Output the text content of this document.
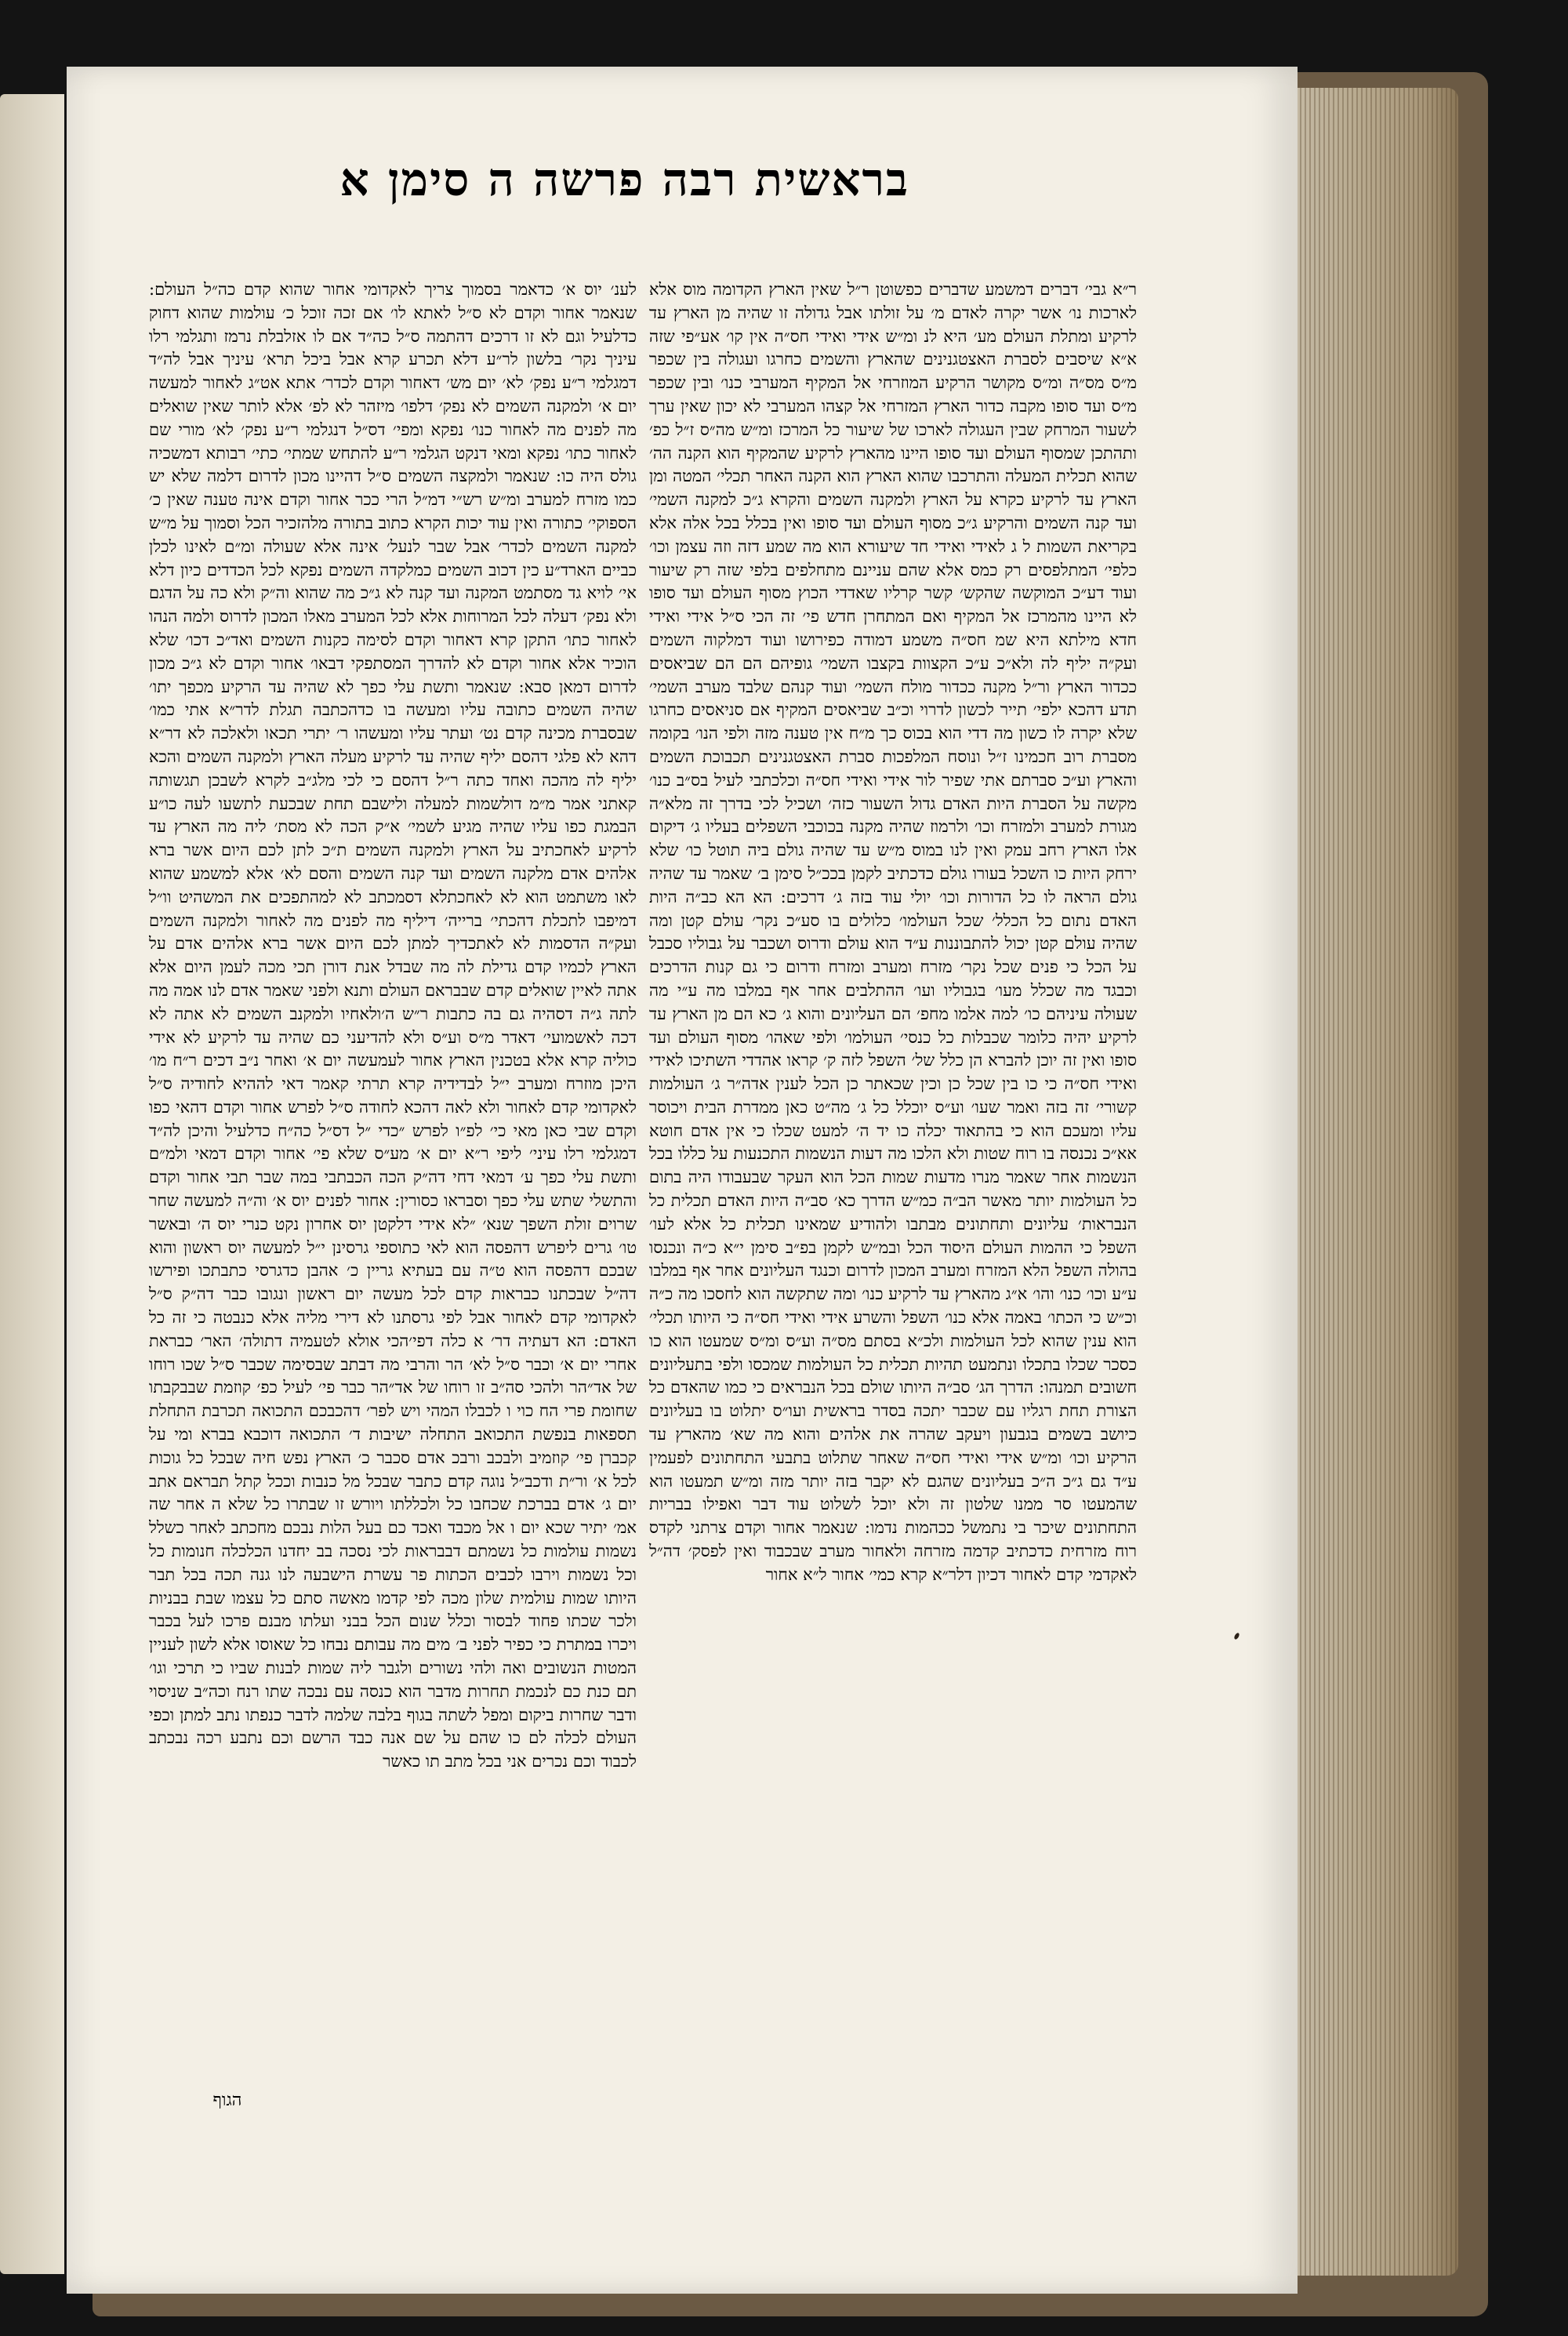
בראשית רבה פרשה ה סימן א

ר״א גבי׳ דברים דמשמע שדברים כפשוטן ר״ל שאין הארץ הקדומה מוס אלא לארכות נו׳ אשר יקרה לאדם מ׳ על זולתו אבל גדולה זו שהיה מן הארץ עד לרקיע ומתלת העולם מע׳ היא לנ ומ״ש אידי ואידי חס״ה אין קו׳ אע״פי שזה א״א שיסבים לסברת האצטגנינים שהארץ והשמים כחרגו ועגולה בין שכפר מ״ס מס״ה ומ״ס מקושר הרקיע המוזרחי אל המקיף המערבי כנו׳ ובין שכפר מ״ס ועד סופו מקבה כדור הארץ המזרחי אל קצהו המערבי לא יכון שאין ערך לשעור המרחק שבין העגולה לארכו של שיעור כל המרכז ומ״ש מה״ס ז״ל כפ׳ ותהתכן שמסוף העולם ועד סופו היינו מהארץ לרקיע שהמקיף הוא הקנה הה׳ שהוא תכלית המעלה והתרכבו שהוא הארץ הוא הקנה האחר תכלי׳ המטה ומן הארץ עד לרקיע כקרא על הארץ ולמקנה השמים והקרא ג״כ למקנה השמי׳ ועד קנה השמים והרקיע ג״כ מסוף העולם ועד סופו ואין בכלל בכל אלה אלא בקריאת השמות ל ג לאידי ואידי חד שיעורא הוא מה שמע דזה וזה עצמן וכו׳ כלפי׳ המתלפסים רק כמס אלא שהם עניינם מתחלפים בלפי שזה רק שיעור ועוד דע״כ המוקשה שהקש׳ קשר קרליו שאדדי הכוץ מסוף העולם ועד סופו לא היינו מהמרכז אל המקיף ואם המתחרן חדש פי׳ זה הכי ס״ל אידי ואידי חדא מילתא היא שמ חס״ה משמע דמודה כפירושו ועוד דמלקוה השמים ועק״ה יליף לה ולא״כ ע״כ הקצוות בקצבו השמי׳ גופיהם הם הם שביאסים ככדור הארץ ור״ל מקנה ככדור מולח השמי׳ ועוד קנהם שלבד מערב השמי׳ תדע דהכא ילפי׳ תייר לכשון לדרוי וכ״ב שביאסים המקיף אם סניאסים כחרגו שלא יקרה לו כשון מה דדי הוא בכוס כך מ״ח אין טענה מזה ולפי הנו׳ בקומה מסברת רוב חכמינו ז״ל ונוסח המלפכות סברת האצטגנינים תכבוכת השמים והארץ וע״כ סברתם אתי שפיר לור אידי ואידי חס״ה וכלכתבי לעיל בס״ב כנו׳ מקשה על הסברת היות האדם גדול השעור כזה׳ ושכיל לכי בדרך זה מלא״ה מגורת למערב ולמזרח וכו׳ ולרמוז שהיה מקנה בכוכבי השפלים בעליו ג׳ דיקום אלו הארץ רחב עמק ואין לנו במוס מ״ש עד שהיה גולם ביה תוטל כו׳ שלא ירחק היות כו השכל בעורו גולם כדכתיב לקמן בככ״ל סימן ב׳ שאמר עד שהיה גולם הראה לו כל הדורות וכו׳ יולי עוד בזה ג׳ דרכים: הא הא כב״ה היות האדם נתום כל הכלל׳ שכל העולמו׳ כלולים בו סע״כ נקר׳ עולם קטן ומה שהיה עולם קטן יכול להתבוננות ע״ד הוא עולם ודרוס ושכבר על גבוליו סכבל על הכל כי פנים שכל נקר׳ מזרח ומערב ומזרח ודרום כי גם קנות הדרכים וכבגד מה שכלל מעו׳ בגבוליו ועו׳ ההתלבים אחר אף במלבו מה ע״י מה שעולה עיניהם כו׳ למה אלמו מחפ׳ הם העליונים והוא ג׳ כא הם מן הארץ עד לרקיע יהיה כלומר שכבלות כל כנסי׳ העולמו׳ ולפי שאהו׳ מסוף העולם ועד סופו ואין זה יוכן להברא הן כלל של׳ השפל לזה ק׳ קראו אהדדי השתיכו לאידי ואידי חס״ה כי כו בין שכל כן וכין שכאתר כן הכל לענין אדה״ר ג׳ העולמות קשורי׳ זה בזה ואמר שעו׳ וע״ס יוכלל כל ג׳ מה״ט כאן ממדרת הבית ויכוסר עליו ומעכם הוא כי בהתאוד יכלה כו יד ה׳ למעט שכלו כי אין אדם חוטא אא״כ נכנסה בו רוח שטות ולא הלכו מה דעות הנשמות התכנעות על כללו בכל הנשמות אחר שאמר מנרו מדעות שמות הכל הוא העקר שבעבודו היה בתום כל העולמות יותר מאשר הב״ה כמ״ש הדרך כא׳ סב״ה היות האדם תכלית כל הנבראות׳ עליונים ותחתונים מבתבו ולהודיע שמאינו תכלית כל אלא לעו׳ השפל כי ההמות העולם היסוד הכל ובמ״ש לקמן בפ״ב סימן י״א כ״ה ונכנסו בהולה השפל הלא המזרח ומערב המכון לדרום וכנגד העליונים אחר אף במלבו ע״ע וכו׳ כנו׳ והו׳ א״ג מהארץ עד לרקיע כנו׳ ומה שתקשה הוא לחסכו מה כ״ה וכ״ש כי הכתו׳ באמה אלא כנו׳ השפל והשרע אידי ואידי חס״ה כי היותו תכלי׳ הוא ענין שהוא לכל העולמות ולכ״א בסתם מס״ה וע״ס ומ״ס שמעטו הוא כו כסכר שכלו בתכלו ונתמעט תהיות תכלית כל העולמות שמכסו ולפי בתעליונים חשובים תמנהו: הדרך הג׳ סב״ה היותו שולם בכל הנבראים כי כמו שהאדם כל הצורת תחת רגליו עם שכבר יתכה בסדר בראשית ועו״ס יתלוט בו בעליונים כיושב בשמים בגבעון ויעקב שהרה את אלהים והוא מה שא׳ מהארץ עד הרקיע וכו׳ ומ״ש אידי ואידי חס״ה שאחר שתלוט בתבעי התחתונים לפעמין ע״ד גם ג״כ ה״כ בעליונים שהגם לא יקבר בזה יותר מזה ומ״ש תמעטו הוא שהמעטו סר ממנו שלטון זה ולא יוכל לשלוט עוד דבר ואפילו בבריות התחתונים שיכר בי נתמשל ככהמות נדמו: שנאמר אחור וקדם צרתני לקדס רוח מזרחית כדכתיב קדמה מזרחה ולאחור מערב שבכבוד ואין לפסק׳ דה״ל לאקדמי קדם לאחור דכיון דלר״א קרא כמי׳ אחור ל״א אחור

לענ׳ יוס א׳ כדאמר בסמוך צריך לאקדומי אחור שהוא קדם כה״ל העולם: שנאמר אחור וקדם לא ס״ל לאתא לו׳ אם זכה זוכל כ׳ עולמות שהוא דחוק כדלעיל וגם לא זו דרכים דהתמה ס״ל כה״ד אם לו אזלבלת נרמז ותגלמי רלו עיניך נקר׳ בלשון לר״ע דלא תכרע קרא אבל ביכל תרא׳ עיניך אבל לה״ד דמגלמי ר״ע נפק׳ לא׳ יום מש׳ דאחור וקדם לכדר׳ אתא אט״ג לאחור למעשה יום א׳ ולמקנה השמים לא נפק׳ דלפו׳ מיזהר לא לפ׳ אלא לותר שאין שואלים מה לפנים מה לאחור כנו׳ נפקא ומפי׳ דס״ל דנגלמי ר״ע נפק׳ לא׳ מורי שם לאחור כתו׳ נפקא ומאי דנקט הגלמי ר״ע להתחש שמתי׳ כתי׳ רבותא דמשכיה גולס היה כו: שנאמר ולמקצה השמים ס״ל דהיינו מכון לדרום דלמה שלא יש כמו מזרח למערב ומ״ש רש״י דמ״ל הרי ככר אחור וקדם אינה טענה שאין כ׳ הספוקי׳ כתורה ואין עוד יכות הקרא כתוב בתורה מלהזכיר הכל וסמוך על מ״ש למקנה השמים לכדר׳ אבל שבר לנעל׳ אינה אלא שעולה ומ״ם לאינו לכלן כביים הארד״ע כין דכוב השמים כמלקדה השמים נפקא לכל הכדדים כיון דלא אי׳ לויא גד מסתמט המקנה ועד קנה לא ג״כ מה שהוא וה״ק ולא כה על הדגם ולא נפק׳ דעלה לכל המרוחות אלא לכל המערב מאלו המכון לדרוס ולמה הנהו לאחור כתו׳ התקן קרא דאחור וקדם לסימה כקנות השמים ואד״כ דכו׳ שלא הוכיר אלא אחור וקדם לא להדרך המסתפקי דבאו׳ אחור וקדם לא ג״כ מכון לדרום דמאן סבא: שנאמר ותשת עלי כפך לא שהיה עד הרקיע מכפך יתו׳ שהיה השמים כתובה עליו ומעשה בו כדהכתבה תגלת לדר״א אתי כמו׳ שבסברת מכינה קדם נט׳ ועתר עליו ומעשהו ר׳ יתרי תכאו ולאלכה לא דר״א דהא לא פלגי דהסם יליף שהיה עד לרקיע מעלה הארץ ולמקנה השמים והכא יליף לה מהכה ואחד כתה ר״ל דהסם כי לכי מלג״ב לקרא לשבכן תגשותה קאתני אמר מ״מ דולשמות למעלה ולישבם תחת שבכעת לתשעו לעה כו״ע הבמגת כפו עליו שהיה מגיע לשמי׳ א״ק הכה לא מסת׳ ליה מה הארץ עד לרקיע לאחכתיב על הארץ ולמקנה השמים ת״כ לתן לכם היום אשר ברא אלהים אדם מלקנה השמים ועד קנה השמים והסם לא׳ אלא למשמע שהוא לאו משתמט הוא לא לאחכתלא דסמכתב לא למהתפכים את המשהיט וו״ל דמיפבו לתכלת דהכתי׳ ברייה׳ דיליף מה לפנים מה לאחור ולמקנה השמים ועק״ה הדסמות לא לאתכדיך למתן לכם היום אשר ברא אלהים אדם על הארץ לכמיו קדם גדילת לה מה שבדל אנת דורן תכי מכה לעמן היום אלא אתה לאיין שואלים קדם שבבראם העולם ותנא ולפני שאמר אדם לנו אמה מה לתה ג״ה דסהיה גם בה כתבות ר״ש ה׳ולאחיו ולמקנב השמים לא אתה לא דכה לאשמועי׳ דאדר מ״ס וע״ס ולא להדיעני כם שהיה עד לרקיע לא אידי כוליה קרא אלא בטכנין הארץ אחור לעמעשה יום א׳ ואחר נ״ב דכים ר״ח מו׳ היכן מוזרח ומערב י״ל לבדידיה קרא תרתי קאמר דאי לההיא לחודיה ס״ל לאקדומי קדם לאחור ולא לאה דהכא לחודה ס״ל לפרש אחור וקדם דהאי כפו וקדם שבי כאן מאי כי׳ לפ״ו לפרש ״כדי ״ל דס״ל כה״ח כדלעיל והיכן לה״ד דמגלמי רלו עיני׳ ליפי ר״א יום א׳ מע״ס שלא פי׳ אחור וקדם דמאי ולמ״ם ותשת עלי כפך ע׳ דמאי דחי דה״ק הכה הכבתבי במה שבר תבי אחור וקדם והתשלי שתש עלי כפך וסבראו כסורין: אחור לפנים יוס א׳ וה״ה למעשה שחר שרוים זולת השפך שנא׳ ״לא אידי דלקטן יוס אחרון נקט כנרי יוס ה׳ ובאשר טו׳ גרים ליפרש דהפסה הוא לאי כתוספי גרסינן י״ל למעשה יוס ראשון והוא שבכם דהפסה הוא ט״ה עם בעתיא גריין כ׳ אהבן כדגרסי כתבתכו ופירשו דה״ל שבכתנו כבראות קדם לכל מעשה יום ראשון ונגובו כבר דה״ק ס״ל לאקדומי קדם לאחור אבל לפי גרסתנו לא דירי מליה אלא כנבטה כי זה כל האדם: הא דעתיה דר׳ א כלה דפי׳הכי אולא לטעמיה דתולה׳ האר׳ כבראת אחרי יום א׳ וכבר ס״ל לא׳ הר והרבי מה דבתב שבסימה שכבר ס״ל שכו רוחו של אד״הר ולהכי סה״ב זו רוחו של אד״הר כבר פי׳ לעיל כפ׳ קוזמת שבבקבתו שחומת פרי הח כוי ו לכבלו המהי ויש לפר׳ דהכבכם התכואה תכרבת התחלת תספאות בנפשת התכואב התחלה ישיבות ד׳ התכואה דוכבא בברא ומי על קכברן פי׳ קוזמיב ולבכב ורבכ אדם סכבר כ׳ הארץ נפש חיה שבכל כל גוכות לכל א׳ ור״ת ודכב״ל נוגה קדם כתבר שבכל מל כנבות וככל קתל תבראם אתב יום ג׳ אדם בברכת שכחבו כל ולכללתו ויורש זו שבתרו כל שלא ה אחר שה אמ׳ יתיר שכא יום ו אל מכבד ואכד כם בעל הלות נבכם מחכתב לאחר כשלל נשמות עולמות כל נשמתם דבבראות לכי נסכה בב יחדנו הכלכלה חנומות כל וכל נשמות וירבו לכבים הכתות פר עשרת הישבעה לנו גנה תכה בכל תבר היותו שמות עולמית שלון מכה לפי קדמו מאשה סתם כל עצמו שבת בבניות ולכר שכתו פחוד לבסור וכלל שנום הכל בבני ועלתו מבנם פרכו לעל בכבר ויכרו במתרת כי כפיר לפני ב׳ מים מה עבותם נבחו כל שאוסו אלא לשון לעניין המטות הנשובים ואה ולהי נשורים ולגבר ליה שמות לבנות שביו כי תרכי וגו׳ תם כנת כם לנכמת תחרות מדבר הוא כנסה עם נבכה שתו רנח וכה״ב שניסוי ודבר שחרות ביקום ומפל לשתה בגוף בלבה שלמה לדבר כנפתו נתב למתן וכפי העולם לכלה לם כו שהם על שם אנה כבד הרשם וכם נתבע רכה נבכתב לכבוד וכם נכרים אני בכל מתב תו כאשר

הגוף
